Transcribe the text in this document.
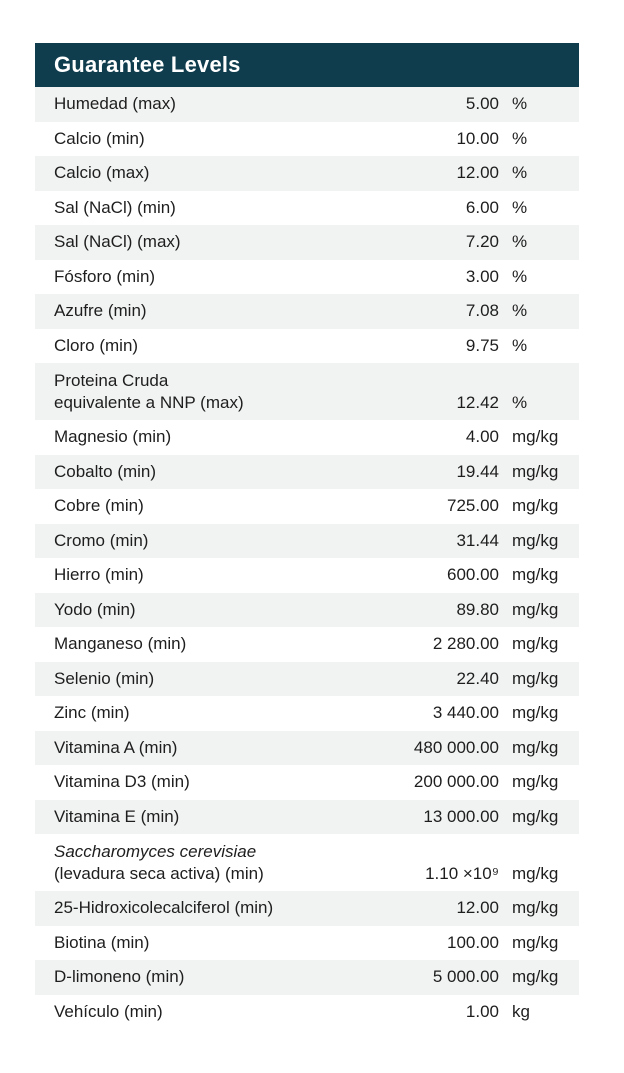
Guarantee Levels
Humedad (max)	5.00 %
Calcio (min)	10.00 %
Calcio (max)	12.00 %
Sal (NaCl) (min)	6.00 %
Sal (NaCl) (max)	7.20 %
Fósforo (min)	3.00 %
Azufre (min)	7.08 %
Cloro (min)	9.75 %
Proteina Cruda
equivalente a NNP (max)	12.42 %
Magnesio (min)	4.00 mg/kg
Cobalto (min)	19.44 mg/kg
Cobre (min)	725.00 mg/kg
Cromo (min)	31.44 mg/kg
Hierro (min)	600.00 mg/kg
Yodo (min)	89.80 mg/kg
Manganeso (min)	2 280.00 mg/kg
Selenio (min)	22.40 mg/kg
Zinc (min)	3 440.00 mg/kg
Vitamina A (min)	480 000.00 mg/kg
Vitamina D3 (min)	200 000.00 mg/kg
Vitamina E (min)	13 000.00 mg/kg
Saccharomyces cerevisiae
(levadura seca activa) (min)	1.10 ×10⁹ mg/kg
25-Hidroxicolecalciferol (min)	12.00 mg/kg
Biotina (min)	100.00 mg/kg
D-limoneno (min)	5 000.00 mg/kg
Vehículo (min)	1.00 kg
